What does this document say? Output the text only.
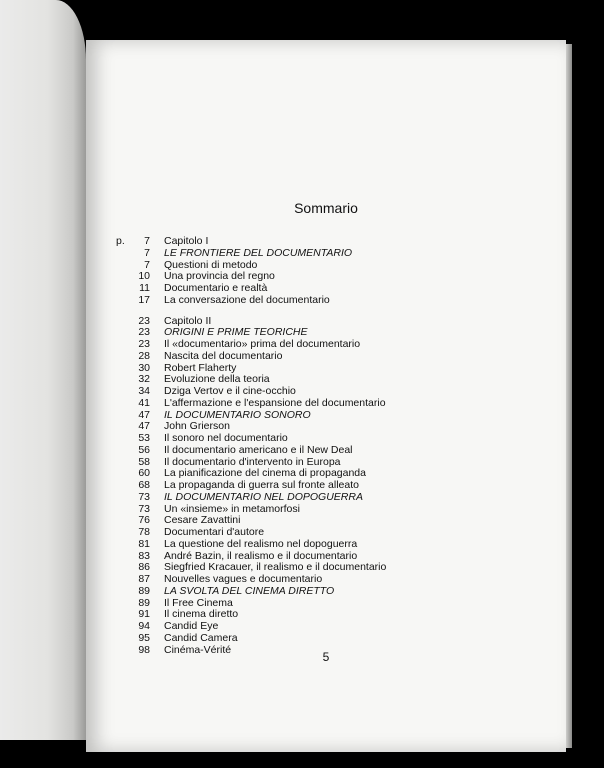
Sommario
p.	7 Capitolo I
7 LE FRONTIERE DEL DOCUMENTARIO
7 Questioni di metodo
10 Una provincia del regno
11 Documentario e realtà
17 La conversazione del documentario
23 Capitolo II
23 ORIGINI E PRIME TEORICHE
23 Il «documentario» prima del documentario
28 Nascita del documentario
30 Robert Flaherty
32 Evoluzione della teoria
34 Dziga Vertov e il cine-occhio
41 L'affermazione e l'espansione del documentario
47 IL DOCUMENTARIO SONORO
47 John Grierson
53 Il sonoro nel documentario
56 Il documentario americano e il New Deal
58 Il documentario d'intervento in Europa
60 La pianificazione del cinema di propaganda
68 La propaganda di guerra sul fronte alleato
73 IL DOCUMENTARIO NEL DOPOGUERRA
73 Un «insieme» in metamorfosi
76 Cesare Zavattini
78 Documentari d'autore
81 La questione del realismo nel dopoguerra
83 André Bazin, il realismo e il documentario
86 Siegfried Kracauer, il realismo e il documentario
87 Nouvelles vagues e documentario
89 LA SVOLTA DEL CINEMA DIRETTO
89 Il Free Cinema
91 Il cinema diretto
94 Candid Eye
95 Candid Camera
98 Cinéma-Vérité
5
